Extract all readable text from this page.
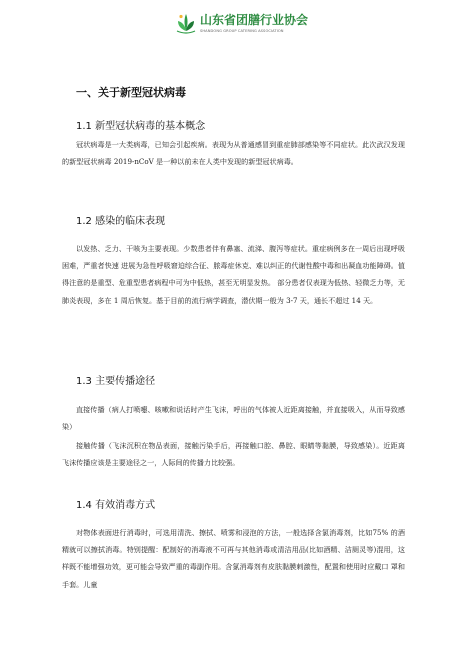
山东省团膳行业协会
SHANDONG GROUP CATERING ASSOCIATION
一、关于新型冠状病毒
1.1 新型冠状病毒的基本概念

冠状病毒是一大类病毒，已知会引起疾病。表现为从普通感冒到重症肺部感染等不同症状。此次武汉发现的新型冠状病毒 2019-nCoV 是一种以前未在人类中发现的新型冠状病毒。

1.2 感染的临床表现

以发热、乏力、干咳为主要表现。少数患者伴有鼻塞、流涕、腹泻等症状。重症病例多在一周后出现呼吸困难，严重者快速 进展为急性呼吸窘迫综合征、脓毒症休克、难以纠正的代谢性酸中毒和出凝血功能障碍。值得注意的是重型、危重型患者病程中可为中低热，甚至无明显发热。 部分患者仅表现为低热、轻微乏力等，无肺炎表现，多在 1 周后恢复。基于目前的流行病学调查，潜伏期一般为 3-7 天，通长不超过 14 天。

1.3 主要传播途径

直接传播（病人打喷嚏、咳嗽和说话时产生飞沫，呼出的气体被人近距离接触，并直接吸入，从而导致感染）

接触传播（飞沫沉积在物品表面，接触污染手后，再接触口腔、鼻腔、眼睛等黏膜，导致感染）。近距离飞沫传播应该是主要途径之一，人际间的传播力比较强。

1.4 有效消毒方式

对物体表面进行消毒时，可选用清洗、擦拭、喷雾和浸泡的方法，一般选择含氯消毒剂，比如75% 的酒精就可以擦拭消毒。特别提醒：配制好的消毒液不可再与其他消毒或清洁用品(比如酒精、洁厕灵等)混用，这样既不能增强功效，更可能会导致严重的毒副作用。含氯消毒剂有皮肤黏膜刺激性，配置和使用时应戴口 罩和手套。儿童
